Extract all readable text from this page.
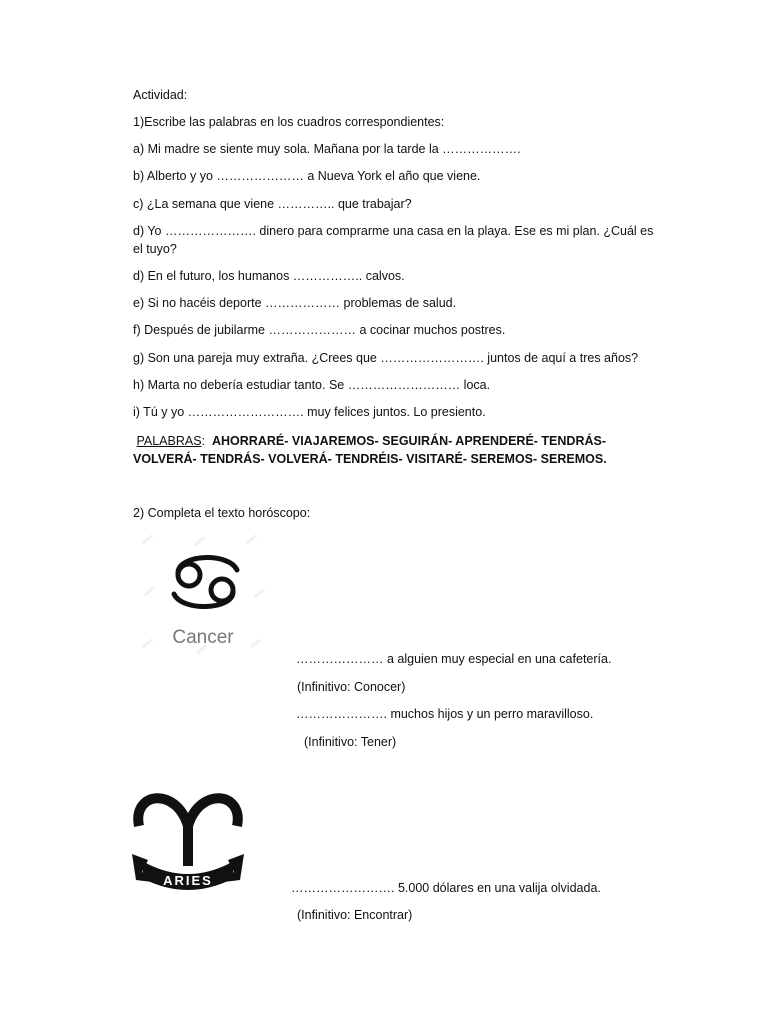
Actividad:
1)Escribe las palabras en los cuadros correspondientes:
a) Mi madre se siente muy sola. Mañana por la tarde la ……………….
b) Alberto y yo ………………… a Nueva York el año que viene.
c) ¿La semana que viene ………….. que trabajar?
d) Yo …………………. dinero para comprarme una casa en la playa. Ese es mi plan. ¿Cuál es el tuyo?
d) En el futuro, los humanos …………….. calvos.
e) Si no hacéis deporte ……………… problemas de salud.
f) Después de jubilarme ………………… a cocinar muchos postres.
g) Son una pareja muy extraña. ¿Crees que ……………………. juntos de aquí a tres años?
h) Marta no debería estudiar tanto. Se ……………………… loca.
i) Tú y yo ………………………. muy felices juntos. Lo presiento.
PALABRAS: AHORRARÉ- VIAJAREMOS- SEGUIRÁN- APRENDERÉ- TENDRÁS- VOLVERÁ- TENDRÁS- VOLVERÁ- TENDRÉIS- VISITARÉ- SEREMOS- SEREMOS.
2) Completa el texto horóscopo:
Cancer
………………… a alguien muy especial en una cafetería.
(Infinitivo: Conocer)
…………………. muchos hijos y un perro maravilloso.
(Infinitivo: Tener)
ARIES	……………………. 5.000 dólares en una valija olvidada.
(Infinitivo: Encontrar)
